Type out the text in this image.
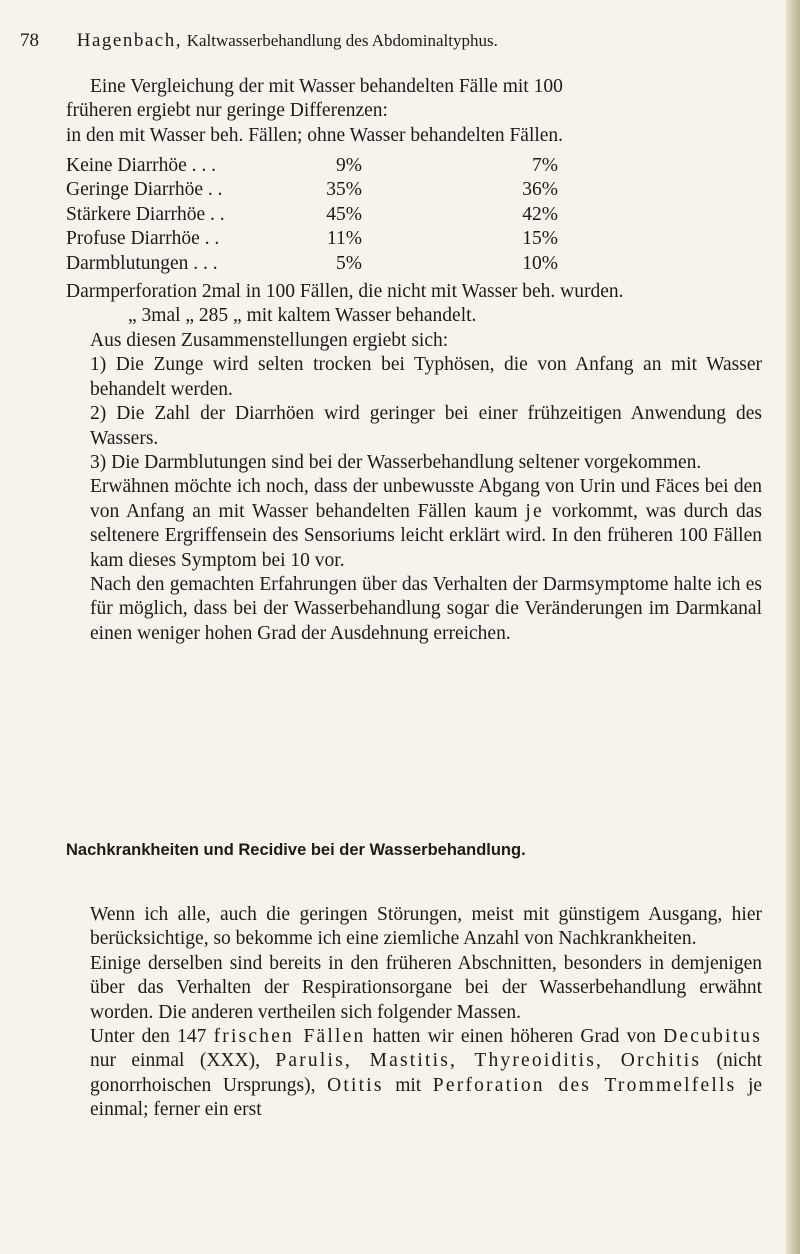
78 Hagenbach, Kaltwasserbehandlung des Abdominaltyphus.
Eine Vergleichung der mit Wasser behandelten Fälle mit 100
früheren ergiebt nur geringe Differenzen:
in den mit Wasser beh. Fällen; ohne Wasser behandelten Fällen.
Keine Diarrhöe . . .	9%	7%
Geringe Diarrhöe . .	35%	36%
Stärkere Diarrhöe . .	45%	42%
Profuse Diarrhöe . .	11%	15%
Darmblutungen . . .	5%	10%
Darmperforation 2mal in 100 Fällen, die nicht mit Wasser beh. wurden.
„ 3mal „ 285 „ mit kaltem Wasser behandelt.

Aus diesen Zusammenstellungen ergiebt sich:

1) Die Zunge wird selten trocken bei Typhösen, die von Anfang an mit Wasser behandelt werden.

2) Die Zahl der Diarrhöen wird geringer bei einer frühzeitigen Anwendung des Wassers.

3) Die Darmblutungen sind bei der Wasserbehandlung seltener vorgekommen.

Erwähnen möchte ich noch, dass der unbewusste Abgang von Urin und Fäces bei den von Anfang an mit Wasser behandelten Fällen kaum je vorkommt, was durch das seltenere Ergriffensein des Sensoriums leicht erklärt wird. In den früheren 100 Fällen kam dieses Symptom bei 10 vor.

Nach den gemachten Erfahrungen über das Verhalten der Darmsymptome halte ich es für möglich, dass bei der Wasserbehandlung sogar die Veränderungen im Darmkanal einen weniger hohen Grad der Ausdehnung erreichen.

Nachkrankheiten und Recidive bei der Wasserbehandlung.

Wenn ich alle, auch die geringen Störungen, meist mit günstigem Ausgang, hier berücksichtige, so bekomme ich eine ziemliche Anzahl von Nachkrankheiten.

Einige derselben sind bereits in den früheren Abschnitten, besonders in demjenigen über das Verhalten der Respirationsorgane bei der Wasserbehandlung erwähnt worden. Die anderen vertheilen sich folgender Massen.

Unter den 147 frischen Fällen hatten wir einen höheren Grad von Decubitus nur einmal (XXX), Parulis, Mastitis, Thyreoiditis, Orchitis (nicht gonorrhoischen Ursprungs), Otitis mit Perforation des Trommelfells je einmal; ferner ein erst
